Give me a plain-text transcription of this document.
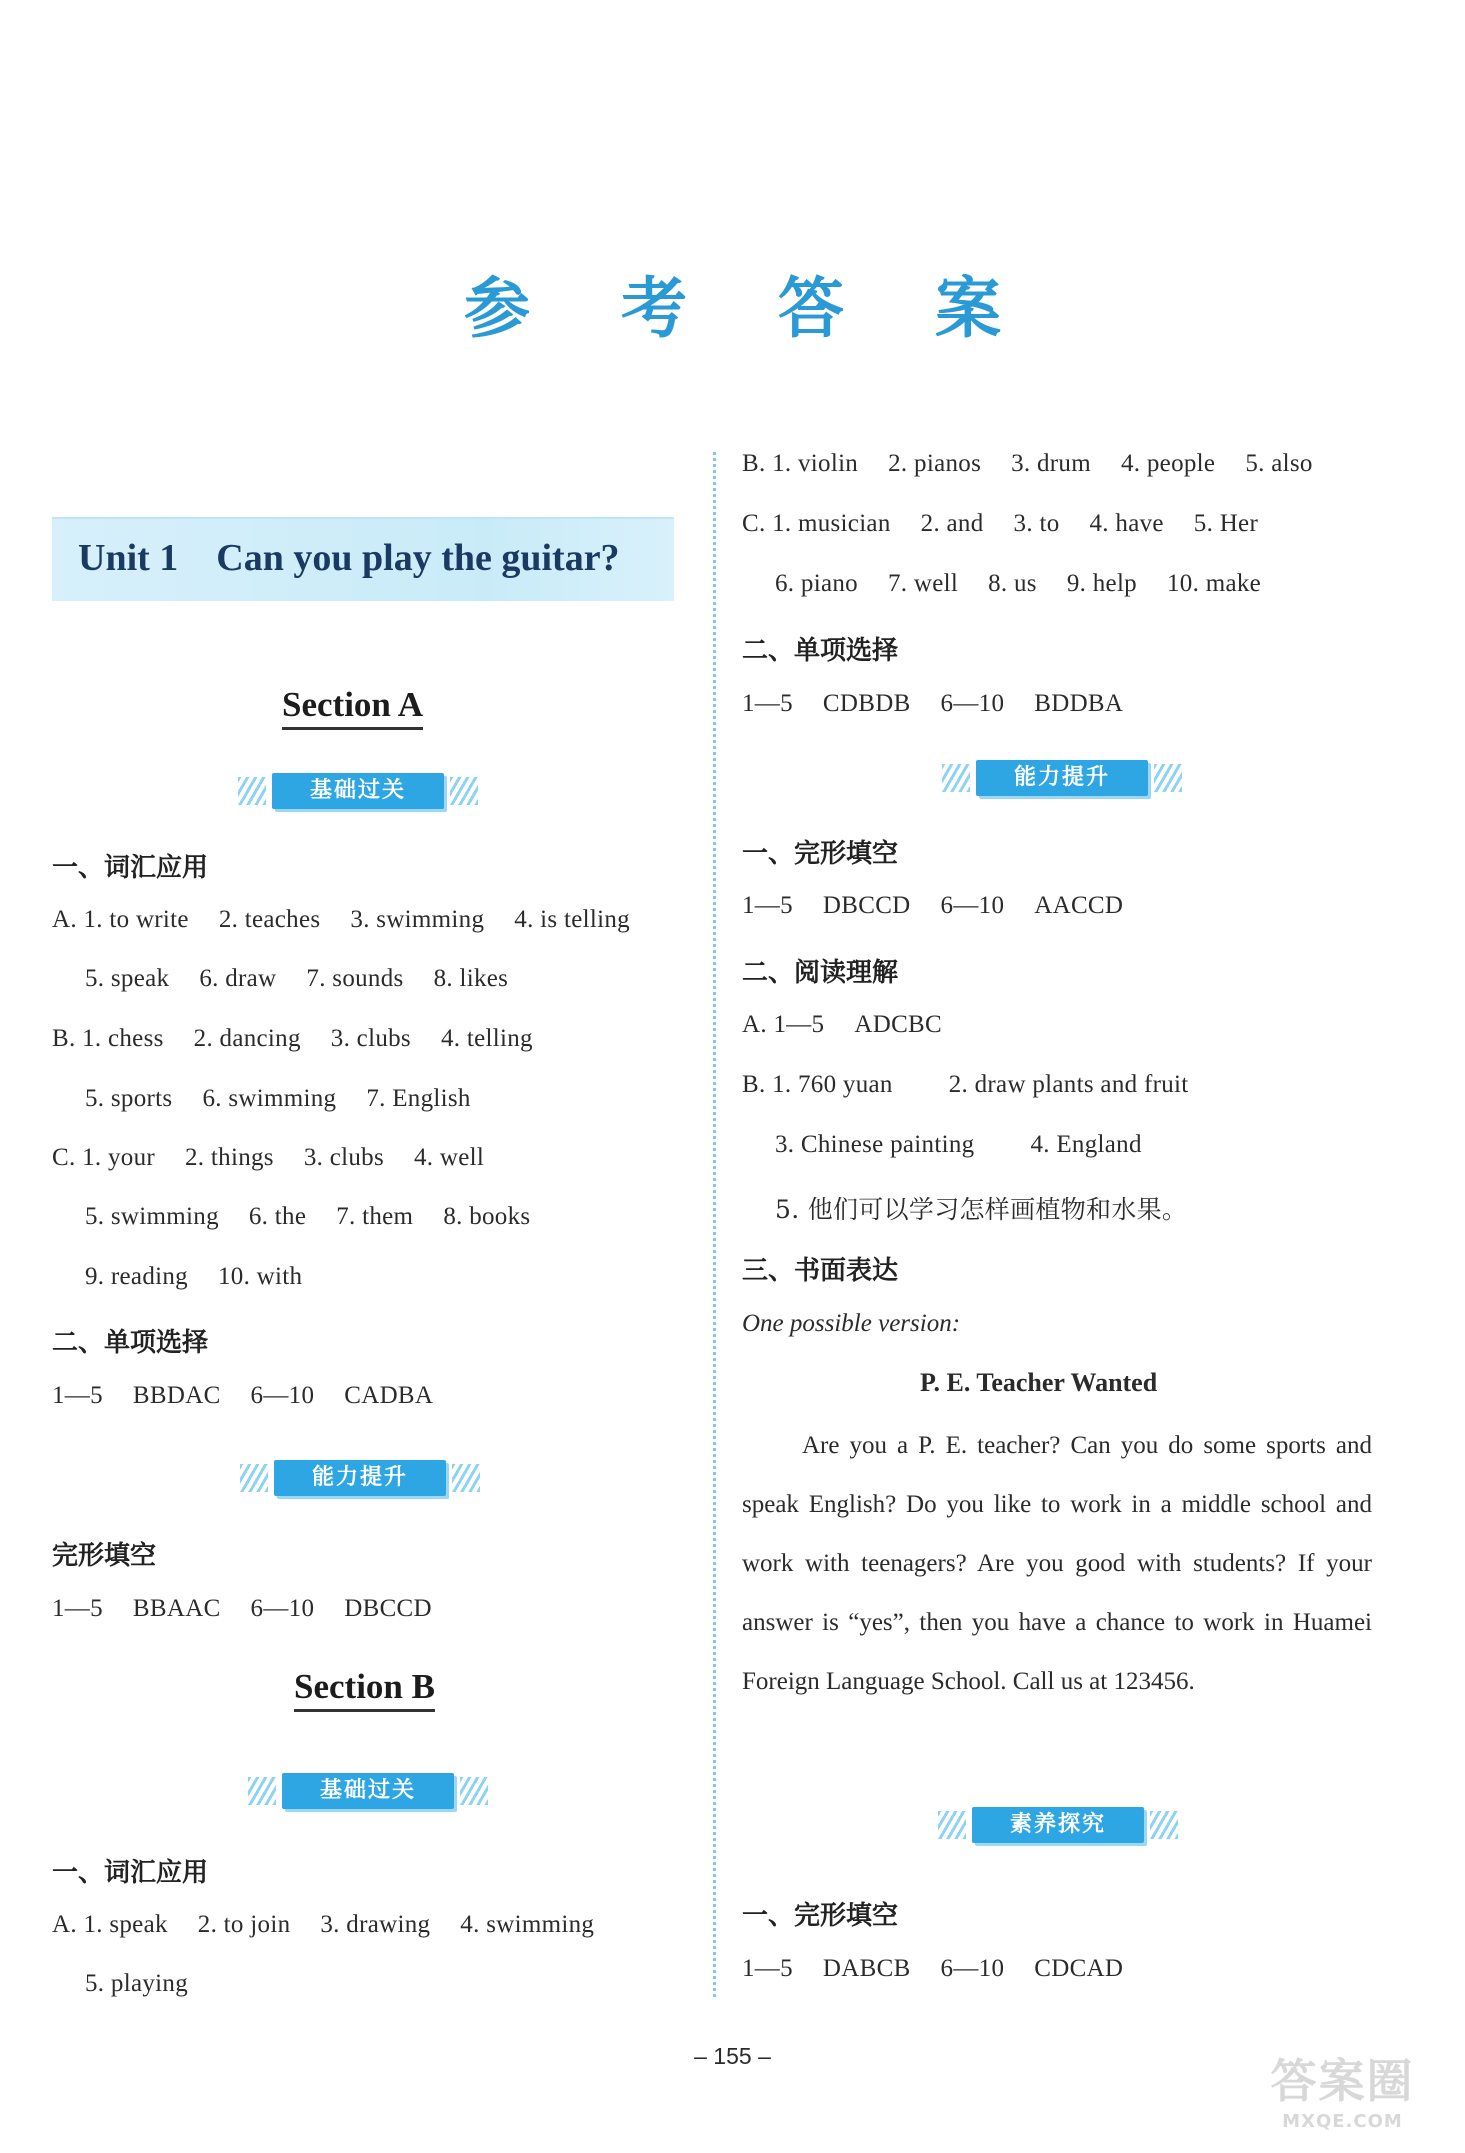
参 考 答 案
Unit 1    Can you play the guitar?
Section A
基础过关
一、词汇应用
A. 1. to write 2. teaches 3. swimming 4. is telling
5. speak 6. draw 7. sounds 8. likes
B. 1. chess 2. dancing 3. clubs 4. telling
5. sports 6. swimming 7. English
C. 1. your 2. things 3. clubs 4. well
5. swimming 6. the 7. them 8. books
9. reading 10. with
二、单项选择
1—5 BBDAC 6—10 CADBA
能力提升
完形填空
1—5 BBAAC 6—10 DBCCD
Section B
基础过关
一、词汇应用
A. 1. speak 2. to join 3. drawing 4. swimming
5. playing
B. 1. violin 2. pianos 3. drum 4. people 5. also
C. 1. musician 2. and 3. to 4. have 5. Her
6. piano 7. well 8. us 9. help 10. make
二、单项选择
1—5 CDBDB 6—10 BDDBA
能力提升
一、完形填空
1—5 DBCCD 6—10 AACCD
二、阅读理解
A. 1—5 ADCBC
B. 1. 760 yuan 2. draw plants and fruit
3. Chinese painting 4. England
5. 他们可以学习怎样画植物和水果。
三、书面表达
One possible version:
P. E. Teacher Wanted

Are you a P. E. teacher? Can you do some sports and speak English? Do you like to work in a middle school and work with teenagers? Are you good with students? If your answer is “yes”, then you have a chance to work in Huamei Foreign Language School. Call us at 123456.

素养探究
一、完形填空
1—5 DABCB 6—10 CDCAD
– 155 –	答案圈
MXQE.COM
